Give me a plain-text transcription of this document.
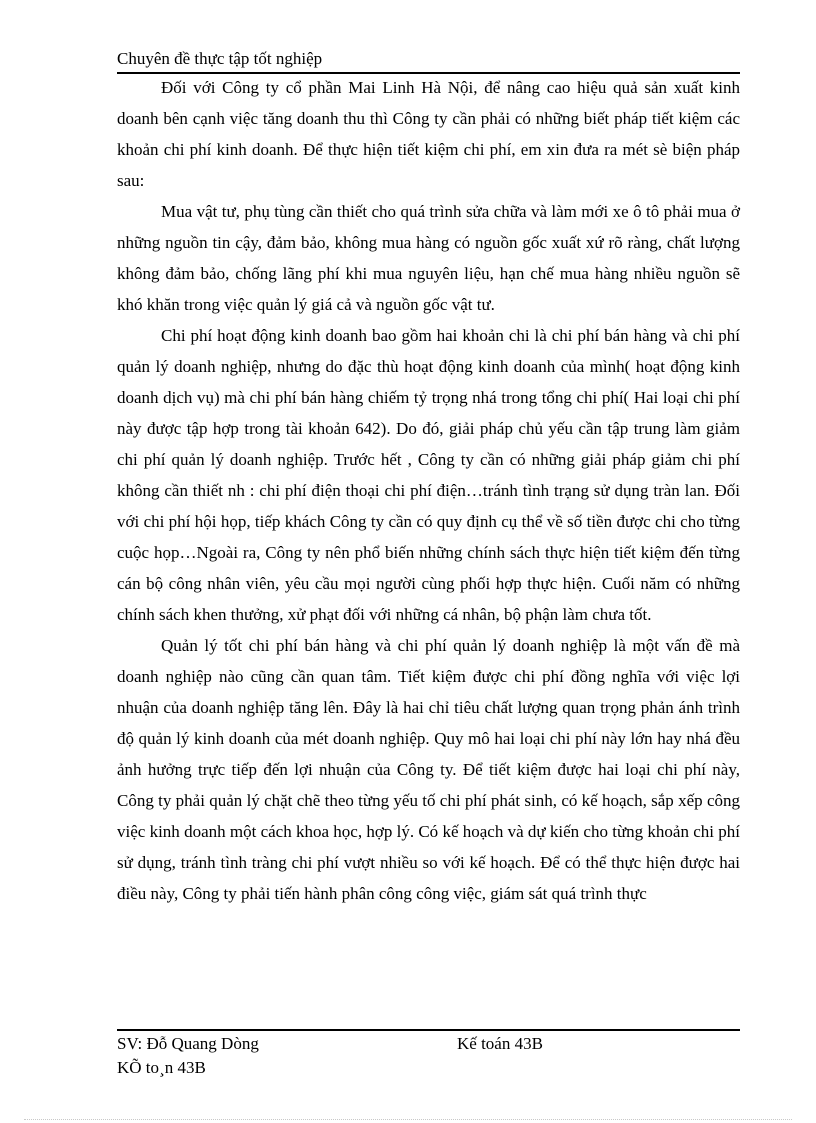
Chuyên đề thực tập tốt nghiệp

Đối với Công ty cổ phần Mai Linh Hà Nội, để nâng cao hiệu quả sản xuất kinh doanh bên cạnh việc tăng doanh thu thì Công ty cần phải có những biết pháp tiết kiệm các khoản chi phí kinh doanh. Để thực hiện tiết kiệm chi phí, em xin đưa ra mét sè biện pháp sau:

Mua vật tư, phụ tùng cần thiết cho quá trình sửa chữa và làm mới xe ô tô phải mua ở những nguồn tin cậy, đảm bảo, không mua hàng có nguồn gốc xuất xứ rõ ràng, chất lượng không đảm bảo, chống lãng phí khi mua nguyên liệu, hạn chế mua hàng nhiều nguồn sẽ khó khăn trong việc quản lý giá cả và nguồn gốc vật tư.

Chi phí hoạt động kinh doanh bao gồm hai khoản chi là chi phí bán hàng và chi phí quản lý doanh nghiệp, nhưng do đặc thù hoạt động kinh doanh của mình( hoạt động kinh doanh dịch vụ) mà chi phí bán hàng chiếm tỷ trọng nhá trong tổng chi phí( Hai loại chi phí này được tập hợp trong tài khoản 642). Do đó, giải pháp chủ yếu cần tập trung làm giảm chi phí quản lý doanh nghiệp. Trước hết , Công ty cần có những giải pháp giảm chi phí không cần thiết nh : chi phí điện thoại chi phí điện…tránh tình trạng sử dụng tràn lan. Đối với chi phí hội họp, tiếp khách Công ty cần có quy định cụ thể về số tiền được chi cho từng cuộc họp…Ngoài ra, Công ty nên phổ biến những chính sách thực hiện tiết kiệm đến từng cán bộ công nhân viên, yêu cầu mọi người cùng phối hợp thực hiện. Cuối năm có những chính sách khen thưởng, xử phạt đối với những cá nhân, bộ phận làm chưa tốt.

Quản lý tốt chi phí bán hàng và chi phí quản lý doanh nghiệp là một vấn đề mà doanh nghiệp nào cũng cần quan tâm. Tiết kiệm được chi phí đồng nghĩa với việc lợi nhuận của doanh nghiệp tăng lên. Đây là hai chỉ tiêu chất lượng quan trọng phản ánh trình độ quản lý kinh doanh của mét doanh nghiệp. Quy mô hai loại chi phí này lớn hay nhá đều ảnh hưởng trực tiếp đến lợi nhuận của Công ty. Để tiết kiệm được hai loại chi phí này, Công ty phải quản lý chặt chẽ theo từng yếu tố chi phí phát sinh, có kế hoạch, sắp xếp công việc kinh doanh một cách khoa học, hợp lý. Có kế hoạch và dự kiến cho từng khoản chi phí sử dụng, tránh tình tràng chi phí vượt nhiều so với kế hoạch. Để có thể thực hiện được hai điều này, Công ty phải tiến hành phân công công việc, giám sát quá trình thực

SV: Đỗ Quang Dòng	Kế toán 43B
KÕ to¸n 43B
